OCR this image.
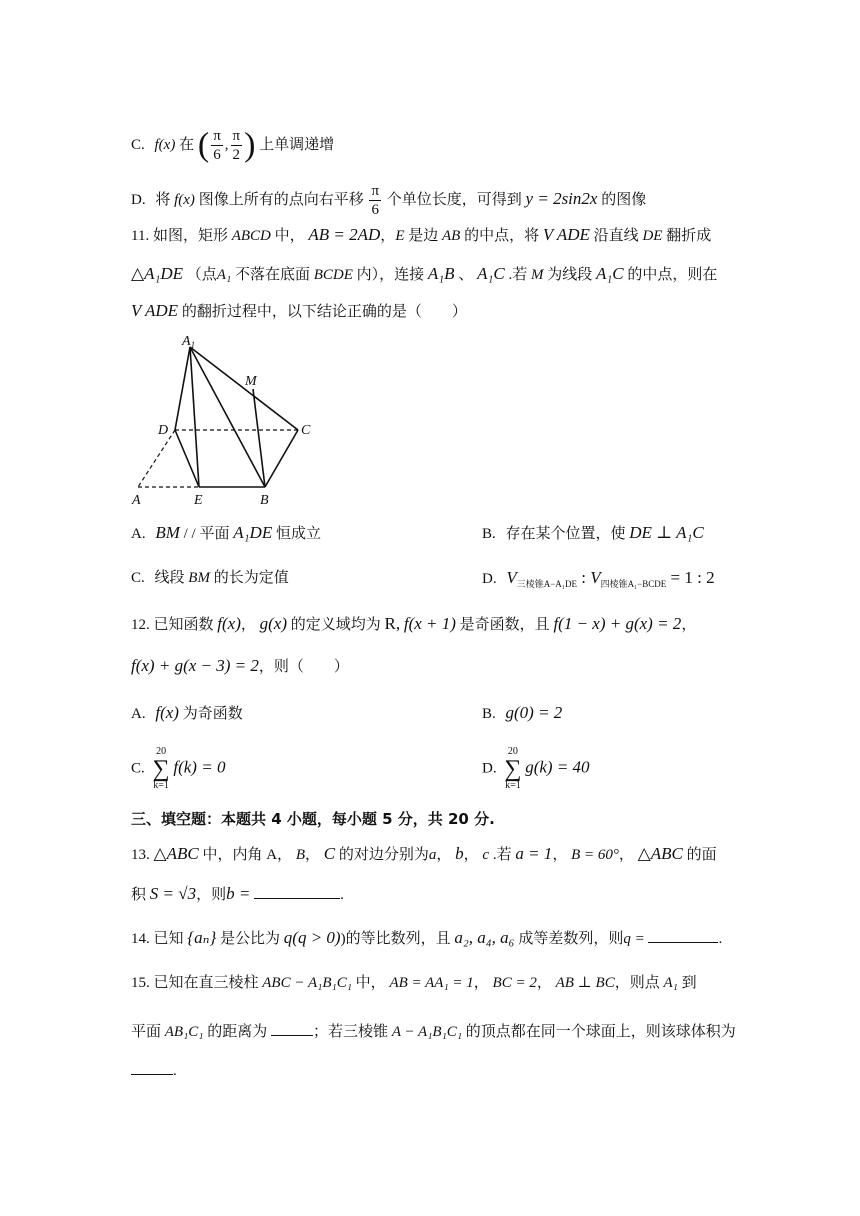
C. f(x) 在 ( $\frac{\pi}{6}$ , $\frac{\pi}{2}$ ) 上单调递增
D. 将 f(x) 图像上所有的点向右平移 $\frac{\pi}{6}$ 个单位长度，可得到 y = 2sin2x 的图像
11. 如图，矩形 ABCD 中， AB = 2AD，E 是边 AB 的中点，将 V ADE 沿直线 DE 翻折成
△A₁DE （点A₁ 不落在底面 BCDE 内），连接 A₁B 、 A₁C .若 M 为线段 A₁C 的中点，则在
V ADE 的翻折过程中，以下结论正确的是（　　）
$A_1$
M
D	C
A	E	B
A. BM / / 平面 A₁DE 恒成立	B. 存在某个位置，使 DE ⊥ A₁C
C. 线段 BM 的长为定值	D. $V_{三棱锥A-A_1DE}$ : $V_{四棱锥A_1-BCDE} = 1$ : 2
12. 已知函数 f(x)， g(x) 的定义域均为 R, f(x + 1) 是奇函数，且 f(1 − x) + g(x) = 2，
f(x) + g(x − 3) = 2，则（　　）
A. f(x) 为奇函数	B. g(0) = 2
C.
20
∑
k=1
f(k) = 0	D.
20
∑
k=1
g(k) = 40
三、填空题：本题共 4 小题，每小题 5 分，共 20 分.
13. △ABC 中，内角 A， B， C 的对边分别为a， b， c .若 a = 1， B = 60°， △ABC 的面
积 S = √3，则b =	.
14. 已知 {aₙ} 是公比为 q(q > 0))的等比数列，且 a₂, a₄, a₆ 成等差数列，则q =	.
15. 已知在直三棱柱 ABC − A₁B₁C₁ 中， AB = AA₁ = 1， BC = 2， AB ⊥ BC，则点 A₁ 到
平面 AB₁C₁ 的距离为	；若三棱锥 A − A₁B₁C₁ 的顶点都在同一个球面上，则该球体积为
.
